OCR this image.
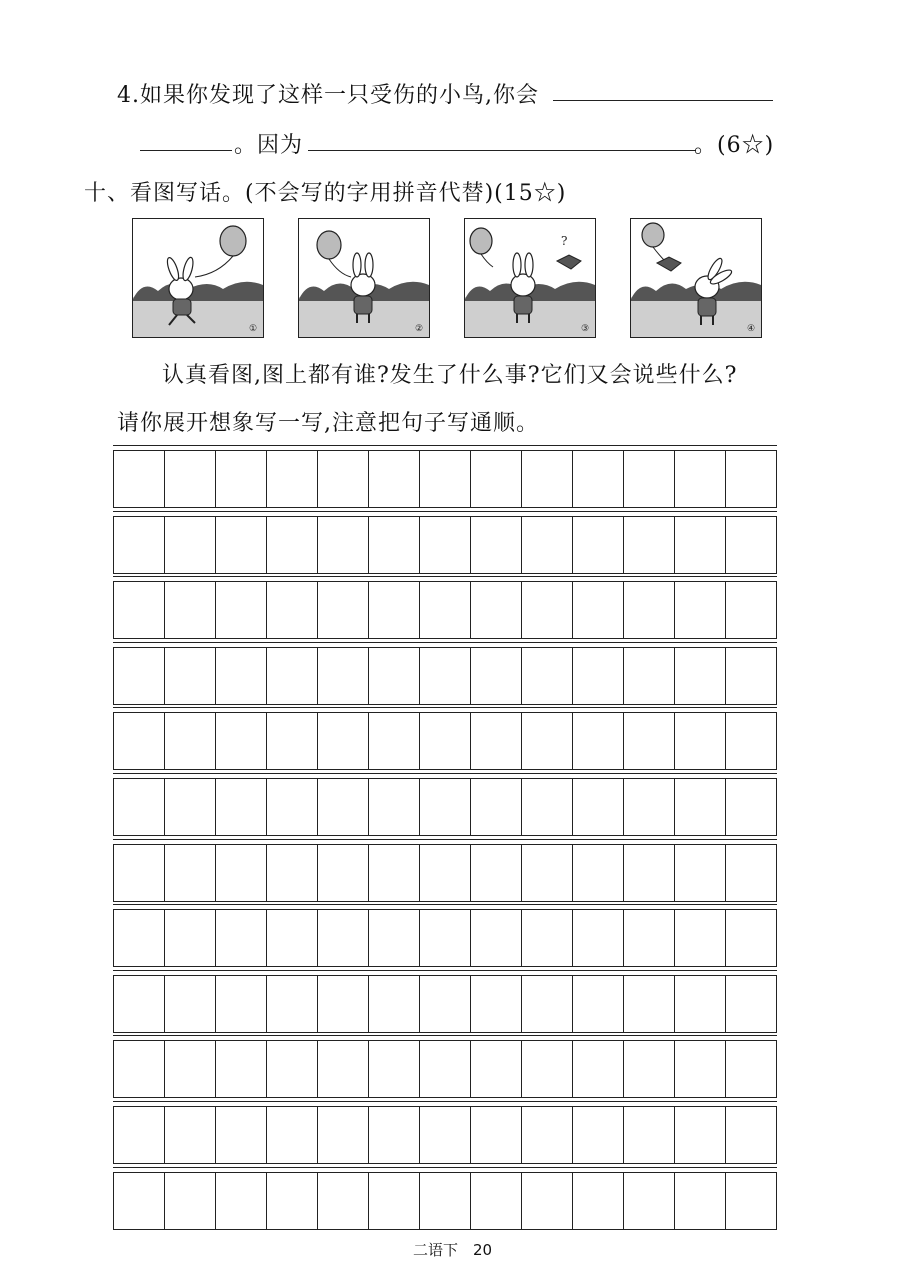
4.如果你发现了这样一只受伤的小鸟,你会
。因为	。(6☆)
十、看图写话。(不会写的字用拼音代替)(15☆)
①	②
?
③	④
认真看图,图上都有谁?发生了什么事?它们又会说些什么?
请你展开想象写一写,注意把句子写通顺。
二语下　20
